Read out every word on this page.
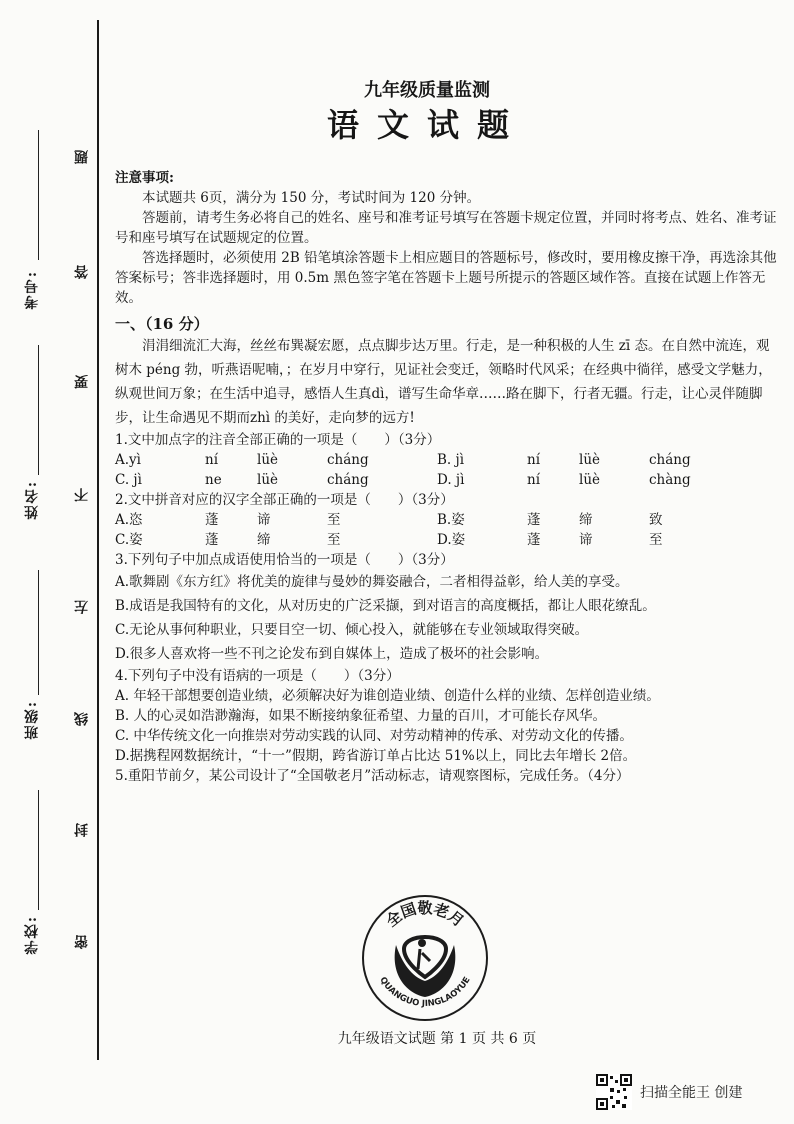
考号:
姓名:
班级:
学校:
题
答
要
不
左
线
封
密
九年级质量监测
语文试题

注意事项:

本试题共 6页，满分为 150 分，考试时间为 120 分钟。

答题前，请考生务必将自己的姓名、座号和准考证号填写在答题卡规定位置，并同时将考点、姓名、准考证号和座号填写在试题规定的位置。

答选择题时，必须使用 2B 铅笔填涂答题卡上相应题目的答题标号，修改时，要用橡皮擦干净，再选涂其他答案标号；答非选择题时，用 0.5m 黑色签字笔在答题卡上题号所提示的答题区域作答。直接在试题上作答无效。

一、（16 分）

涓涓细流汇大海，丝丝布巽凝宏愿，点点脚步达万里。行走，是一种积极的人生 zī 态。在自然中流连，观树木 péng 勃，听燕语呢喃，；在岁月中穿行，见证社会变迁，领略时代风采；在经典中徜徉，感受文学魅力，纵观世间万象；在生活中追寻，感悟人生真dì，谱写生命华章……路在脚下，行者无疆。行走，让心灵伴随脚步，让生命遇见不期而zhì 的美好，走向梦的远方!

1.文中加点字的注音全部正确的一项是（　　）（3分）

A.yì	ní	lüè	cháng	B. jì	ní	lüè	cháng
C. jì	ne	lüè	cháng	D. jì	ní	lüè	chàng

2.文中拼音对应的汉字全部正确的一项是（　　）（3分）

A.恣	蓬	谛	至	B.姿	蓬	缔	致
C.姿	蓬	缔	至	D.姿	蓬	谛	至

3.下列句子中加点成语使用恰当的一项是（　　）（3分）

A.歌舞剧《东方红》将优美的旋律与曼妙的舞姿融合，二者相得益彰，给人美的享受。

B.成语是我国特有的文化，从对历史的广泛采撷，到对语言的高度概括，都让人眼花缭乱。

C.无论从事何种职业，只要目空一切、倾心投入，就能够在专业领域取得突破。

D.很多人喜欢将一些不刊之论发布到自媒体上，造成了极坏的社会影响。

4.下列句子中没有语病的一项是（　　）（3分）

A. 年轻干部想要创造业绩，必须解决好为谁创造业绩、创造什么样的业绩、怎样创造业绩。

B. 人的心灵如浩渺瀚海，如果不断接纳象征希望、力量的百川，才可能长存风华。

C. 中华传统文化一向推崇对劳动实践的认同、对劳动精神的传承、对劳动文化的传播。

D.据携程网数据统计，“十一”假期，跨省游订单占比达 51%以上，同比去年增长 2倍。

5.重阳节前夕，某公司设计了“全国敬老月”活动标志，请观察图标，完成任务。（4分）

全国敬老月
QUANGUO JINGLAOYUE
九年级语文试题 第 1 页 共 6 页
扫描全能王 创建
